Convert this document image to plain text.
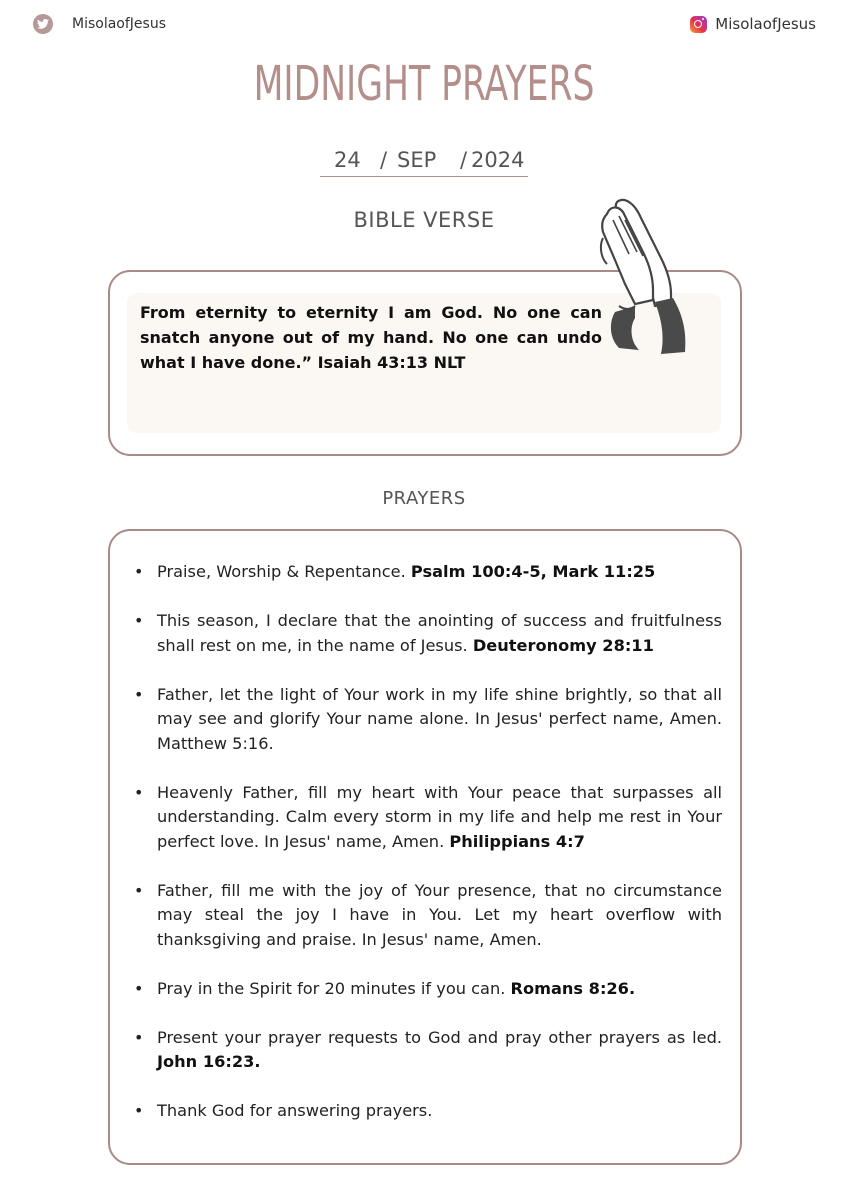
MisolaofJesus	MisolaofJesus
MIDNIGHT PRAYERS
24 / SEP / 2024
BIBLE VERSE
From eternity to eternity I am God. No one can snatch anyone out of my hand. No one can undo what I have done.” Isaiah 43:13 NLT
PRAYERS
• Praise, Worship & Repentance. Psalm 100:4-5, Mark 11:25
• This season, I declare that the anointing of success and fruitfulness shall rest on me, in the name of Jesus. Deuteronomy 28:11
• Father, let the light of Your work in my life shine brightly, so that all may see and glorify Your name alone. In Jesus' perfect name, Amen. Matthew 5:16.
• Heavenly Father, fill my heart with Your peace that surpasses all understanding. Calm every storm in my life and help me rest in Your perfect love. In Jesus' name, Amen. Philippians 4:7
• Father, fill me with the joy of Your presence, that no circumstance may steal the joy I have in You. Let my heart overflow with thanksgiving and praise. In Jesus' name, Amen.
• Pray in the Spirit for 20 minutes if you can. Romans 8:26.
• Present your prayer requests to God and pray other prayers as led. John 16:23.
• Thank God for answering prayers.
